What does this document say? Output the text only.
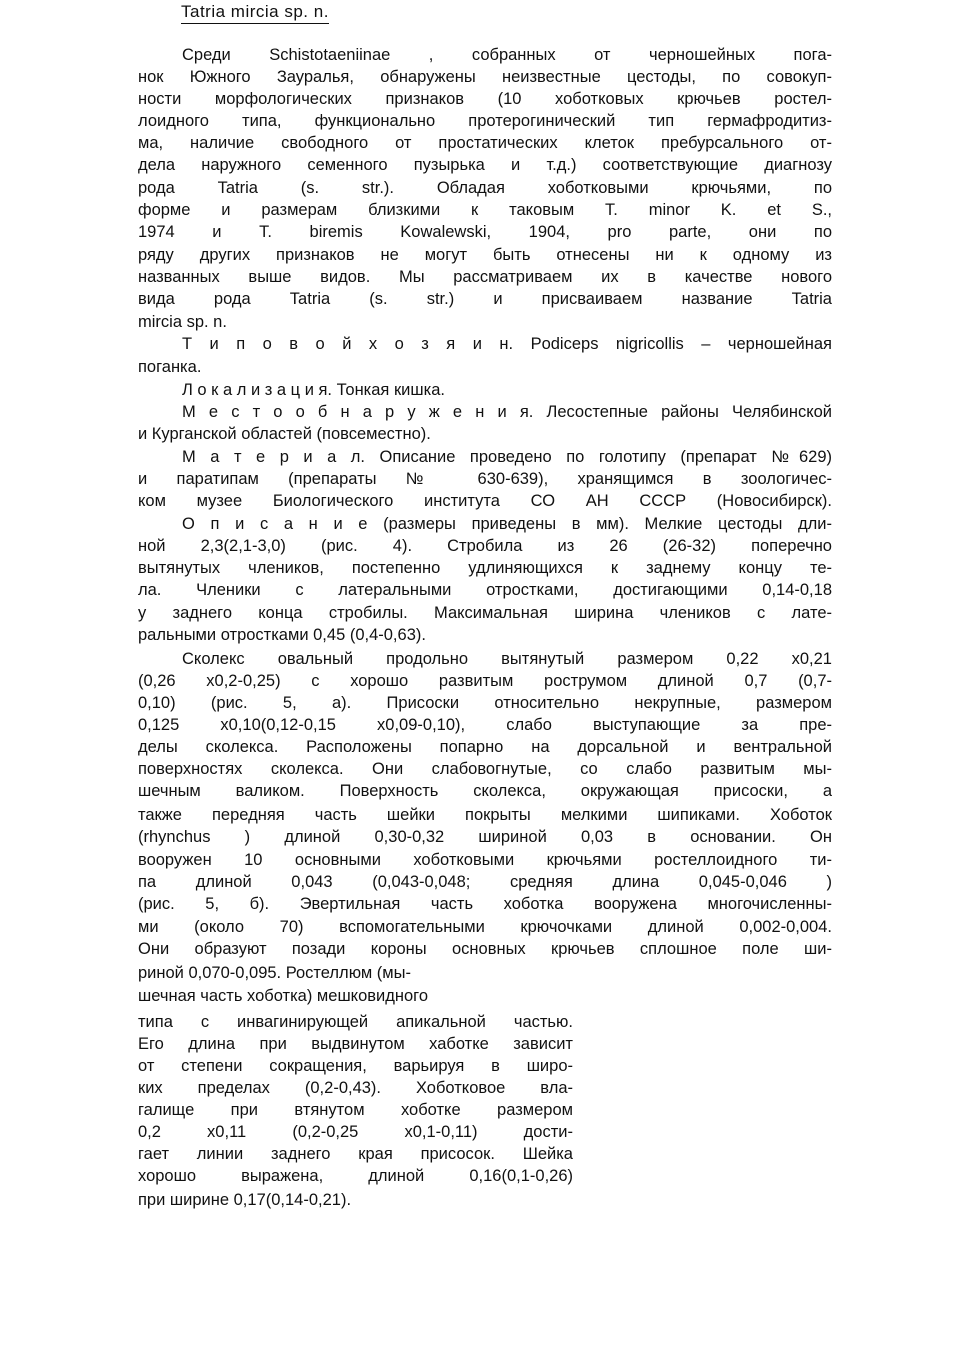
Tatria mircia sp. n.
Среди Schistotaeniinae , собранных от черношейных пога-
нок Южного Зауралья, обнаружены неизвестные цестоды, по совокуп-
ности морфологических признаков (10 хоботковых крючьев ростел-
лоидного типа, функционально протерогинический тип гермафродитиз-
ма, наличие свободного от простатических клеток пребурсального от-
дела наружного семенного пузырька и т.д.) соответствующие диагнозу
рода Tatria (s. str.). Обладая хоботковыми крючьями, по
форме и размерам близкими к таковым T. minor K. et S.,
1974 и T. biremis Kowalewski, 1904, pro parte, они по
ряду других признаков не могут быть отнесены ни к одному из
названных выше видов. Мы рассматриваем их в качестве нового
вида рода Tatria (s. str.) и присваиваем название Tatria
mircia sp. n.
Т и п о в о й х о з я и н. Podiceps nigricollis – черношейная
поганка.
Л о к а л и з а ц и я. Тонкая кишка.
М е с т о о б н а р у ж е н и я. Лесостепные районы Челябинской
и Курганской областей (повсеместно).
М а т е р и а л. Описание проведено по голотипу (препарат №629)
и паратипам (препараты № 630-639), хранящимся в зоологичес-
ком музее Биологического института СО АН СССР (Новосибирск).
О п и с а н и е (размеры приведены в мм). Мелкие цестоды дли-
ной 2,3(2,1-3,0) (рис. 4). Стробила из 26 (26-32) поперечно
вытянутых члеников, постепенно удлиняющихся к заднему концу те-
ла. Членики с латеральными отростками, достигающими 0,14-0,18
у заднего конца стробилы. Максимальная ширина члеников с лате-
ральными отростками 0,45 (0,4-0,63).
Сколекс овальный продольно вытянутый размером 0,22 x0,21
(0,26 x0,2-0,25) с хорошо развитым рострумом длиной 0,7 (0,7-
0,10) (рис. 5, а). Присоски относительно некрупные, размером
0,125 x0,10(0,12-0,15 x0,09-0,10), слабо выступающие за пре-
делы сколекса. Расположены попарно на дорсальной и вентральной
поверхностях сколекса. Они слабовогнутые, со слабо развитым мы-
шечным валиком. Поверхность сколекса, окружающая присоски, а
также передняя часть шейки покрыты мелкими шипиками. Хоботок
(rhynchus ) длиной 0,30-0,32 шириной 0,03 в основании. Он
вооружен 10 основными хоботковыми крючьями ростеллоидного ти-
па длиной 0,043 (0,043-0,048; средняя длина 0,045-0,046 )
(рис. 5, б). Эвертильная часть хоботка вооружена многочисленны-
ми (около 70) вспомогательными крючочками длиной 0,002-0,004.
Они образуют позади короны основных крючьев сплошное поле ши-
риной 0,070-0,095. Ростеллюм (мы-
шечная часть хоботка) мешковидного
типа с инвагинирующей апикальной частью.
Его длина при выдвинутом хаботке зависит
от степени сокращения, варьируя в широ-
ких пределах (0,2-0,43). Хоботковое вла-
галище при втянутом хоботке размером
0,2 x0,11 (0,2-0,25 x0,1-0,11) дости-
гает линии заднего края присосок. Шейка
хорошо выражена, длиной 0,16(0,1-0,26)
при ширине 0,17(0,14-0,21).
